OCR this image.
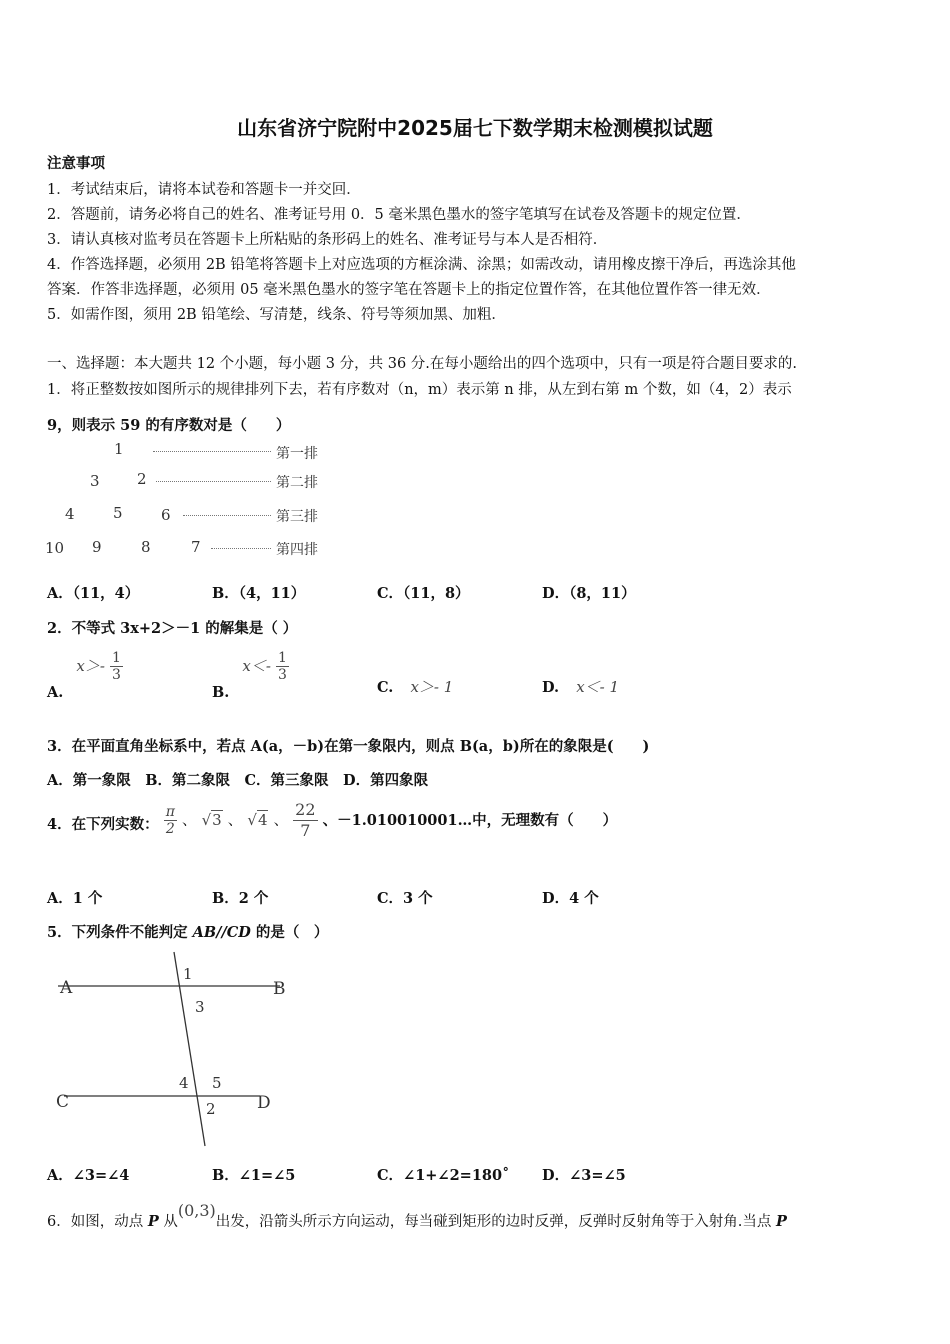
山东省济宁院附中2025届七下数学期末检测模拟试题
注意事项
1．考试结束后，请将本试卷和答题卡一并交回．
2．答题前，请务必将自己的姓名、准考证号用 0．5 毫米黑色墨水的签字笔填写在试卷及答题卡的规定位置．
3．请认真核对监考员在答题卡上所粘贴的条形码上的姓名、准考证号与本人是否相符．
4．作答选择题，必须用 2B 铅笔将答题卡上对应选项的方框涂满、涂黑；如需改动，请用橡皮擦干净后，再选涂其他
答案．作答非选择题，必须用 05 毫米黑色墨水的签字笔在答题卡上的指定位置作答，在其他位置作答一律无效．
5．如需作图，须用 2B 铅笔绘、写清楚，线条、符号等须加黑、加粗．
一、选择题：本大题共 12 个小题，每小题 3 分，共 36 分.在每小题给出的四个选项中，只有一项是符合题目要求的.
1．将正整数按如图所示的规律排列下去，若有序数对（n，m）表示第 n 排，从左到右第 m 个数，如（4，2）表示
9，则表示 59 的有序数对是（　　）
1
3 2
4	5	6
10 9	8	7
第一排
第二排
第三排
第四排
A．（11，4）	B．（4，11）	C．（11，8）	D．（8，11）
2．不等式 3x+2＞－1 的解集是（ ）
A. $x>- \frac{1}{3}$
B. $x<- \frac{1}{3}$
C. x＞- 1	D. x＜- 1
3．在平面直角坐标系中，若点 A(a，－b)在第一象限内，则点 B(a，b)所在的象限是(　　)
A．第一象限　B．第二象限　C．第三象限　D．第四象限
4．在下列实数： $\frac{\pi}{2}$ 、 √3 、 √4 、 $\frac{22}{7}$ 、－1.010010001…中，无理数有（　　）
A．1 个	B．2 个	C．3 个	D．4 个
5．下列条件不能判定 AB//CD 的是（　）
A	B
C	D
1
3
4 5
2
A．∠3=∠4	B．∠1=∠5	C．∠1+∠2=180˚ D．∠3=∠5
6．如图，动点 P 从(0,3)出发，沿箭头所示方向运动，每当碰到矩形的边时反弹，反弹时反射角等于入射角.当点 P
